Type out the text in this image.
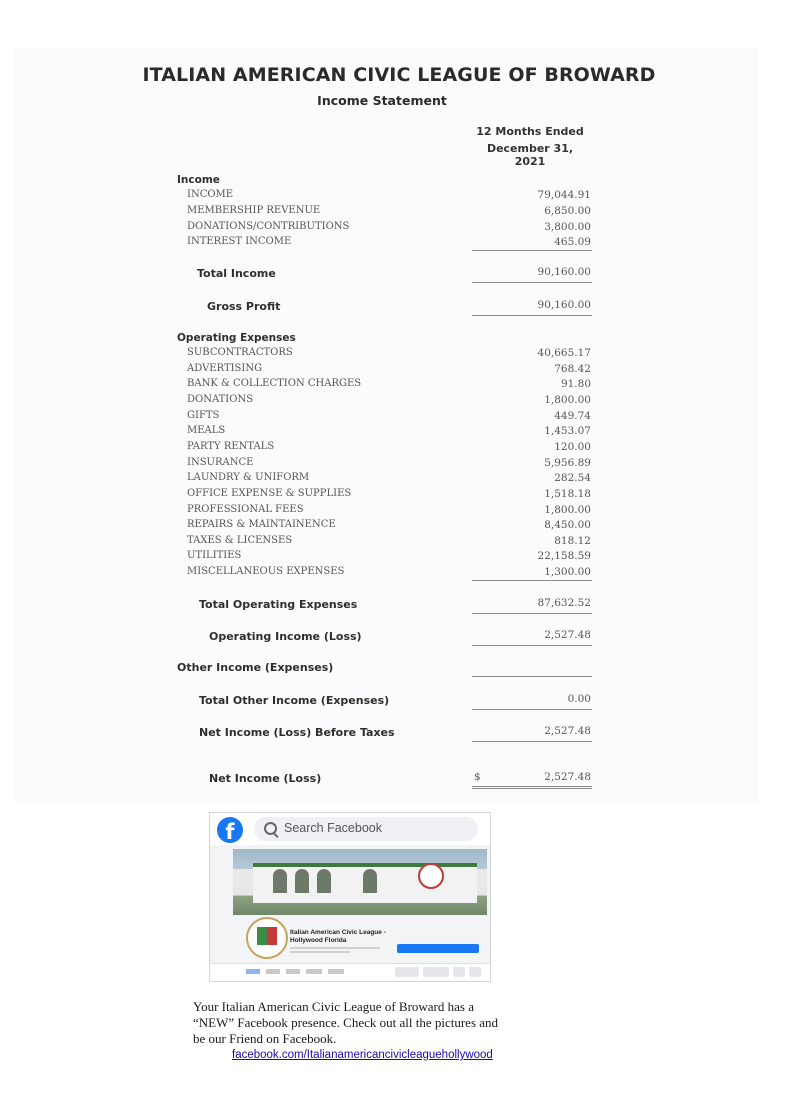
ITALIAN AMERICAN CIVIC LEAGUE OF BROWARD
Income Statement
12 Months Ended
December 31, 2021
Income
INCOME	79,044.91
MEMBERSHIP REVENUE	6,850.00
DONATIONS/CONTRIBUTIONS	3,800.00
INTEREST INCOME	465.09
Total Income	90,160.00
Gross Profit	90,160.00
Operating Expenses
SUBCONTRACTORS	40,665.17
ADVERTISING	768.42
BANK & COLLECTION CHARGES	91.80
DONATIONS	1,800.00
GIFTS	449.74
MEALS	1,453.07
PARTY RENTALS	120.00
INSURANCE	5,956.89
LAUNDRY & UNIFORM	282.54
OFFICE EXPENSE & SUPPLIES	1,518.18
PROFESSIONAL FEES	1,800.00
REPAIRS & MAINTAINENCE	8,450.00
TAXES & LICENSES	818.12
UTILITIES	22,158.59
MISCELLANEOUS EXPENSES	1,300.00
Total Operating Expenses	87,632.52
Operating Income (Loss)	2,527.48
Other Income (Expenses)
Total Other Income (Expenses)	0.00
Net Income (Loss) Before Taxes	2,527.48
Net Income (Loss)	$	2,527.48
f	Search Facebook
Italian American Civic League - Hollywood Florida
Your Italian American Civic League of Broward has a “NEW” Facebook presence. Check out all the pictures and be our Friend on Facebook.
facebook.com/Italianamericancivicleaguehollywood
